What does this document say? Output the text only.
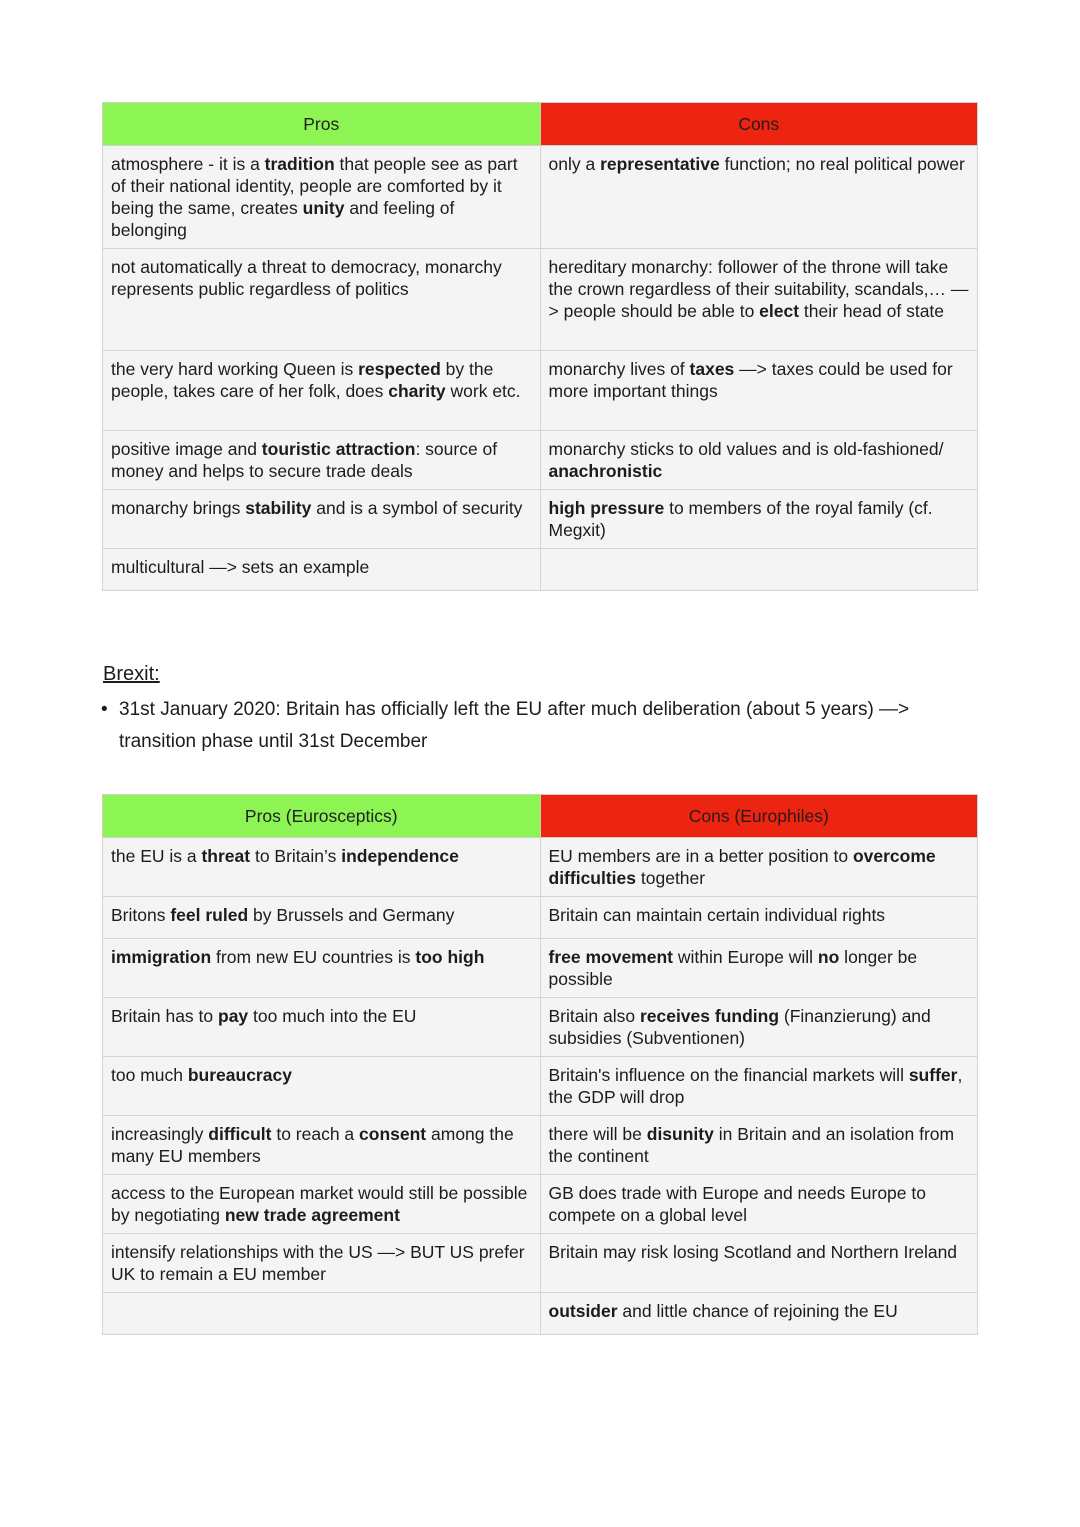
Pros	Cons
atmosphere - it is a tradition that people see as part of their national identity, people are comforted by it being the same, creates unity and feeling of belonging	only a representative function; no real political power
not automatically a threat to democracy, monarchy represents public regardless of politics	hereditary monarchy: follower of the throne will take the crown regardless of their suitability, scandals,… —> people should be able to elect their head of state
the very hard working Queen is respected by the people, takes care of her folk, does charity work etc.	monarchy lives of taxes —> taxes could be used for more important things
positive image and touristic attraction: source of money and helps to secure trade deals	monarchy sticks to old values and is old-fashioned/ anachronistic
monarchy brings stability and is a symbol of security	high pressure to members of the royal family (cf. Megxit)
multicultural —> sets an example	
Brexit:

• 31st January 2020: Britain has officially left the EU after much deliberation (about 5 years) —> transition phase until 31st December

Pros (Eurosceptics)	Cons (Europhiles)
the EU is a threat to Britain’s independence	EU members are in a better position to overcome difficulties together
Britons feel ruled by Brussels and Germany	Britain can maintain certain individual rights
immigration from new EU countries is too high	free movement within Europe will no longer be possible
Britain has to pay too much into the EU	Britain also receives funding (Finanzierung) and subsidies (Subventionen)
too much bureaucracy	Britain's influence on the financial markets will suffer, the GDP will drop
increasingly difficult to reach a consent among the many EU members	there will be disunity in Britain and an isolation from the continent
access to the European market would still be possible by negotiating new trade agreement	GB does trade with Europe and needs Europe to compete on a global level
intensify relationships with the US —> BUT US prefer UK to remain a EU member	Britain may risk losing Scotland and Northern Ireland
	outsider and little chance of rejoining the EU
